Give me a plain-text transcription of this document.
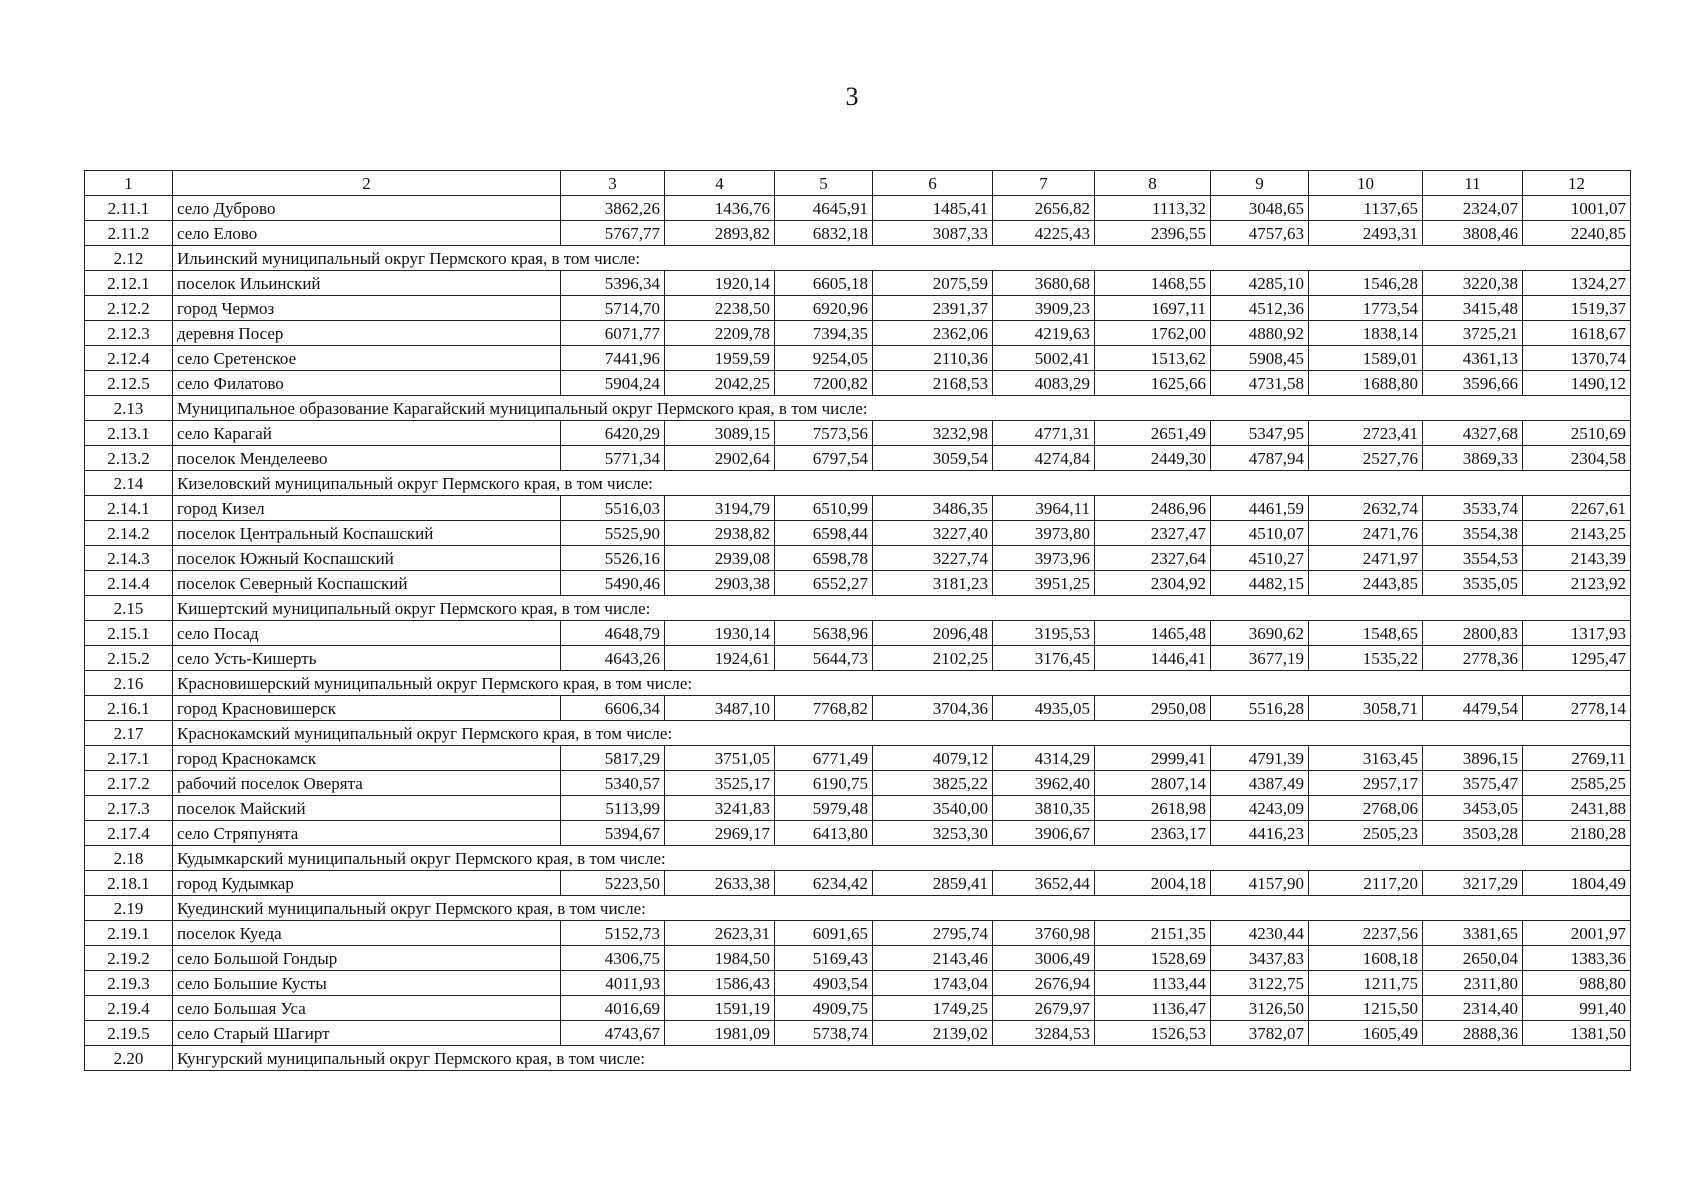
3
1	2	3	4	5	6	7	8	9	10	11	12
2.11.1	село Дуброво	3862,26	1436,76	4645,91	1485,41	2656,82	1113,32	3048,65	1137,65	2324,07	1001,07
2.11.2	село Елово	5767,77	2893,82	6832,18	3087,33	4225,43	2396,55	4757,63	2493,31	3808,46	2240,85
2.12	Ильинский муниципальный округ Пермского края, в том числе:										
2.12.1	поселок Ильинский	5396,34	1920,14	6605,18	2075,59	3680,68	1468,55	4285,10	1546,28	3220,38	1324,27
2.12.2	город Чермоз	5714,70	2238,50	6920,96	2391,37	3909,23	1697,11	4512,36	1773,54	3415,48	1519,37
2.12.3	деревня Посер	6071,77	2209,78	7394,35	2362,06	4219,63	1762,00	4880,92	1838,14	3725,21	1618,67
2.12.4	село Сретенское	7441,96	1959,59	9254,05	2110,36	5002,41	1513,62	5908,45	1589,01	4361,13	1370,74
2.12.5	село Филатово	5904,24	2042,25	7200,82	2168,53	4083,29	1625,66	4731,58	1688,80	3596,66	1490,12
2.13	Муниципальное образование Карагайский муниципальный округ Пермского края, в том числе:										
2.13.1	село Карагай	6420,29	3089,15	7573,56	3232,98	4771,31	2651,49	5347,95	2723,41	4327,68	2510,69
2.13.2	поселок Менделеево	5771,34	2902,64	6797,54	3059,54	4274,84	2449,30	4787,94	2527,76	3869,33	2304,58
2.14	Кизеловский муниципальный округ Пермского края, в том числе:										
2.14.1	город Кизел	5516,03	3194,79	6510,99	3486,35	3964,11	2486,96	4461,59	2632,74	3533,74	2267,61
2.14.2	поселок Центральный Коспашский	5525,90	2938,82	6598,44	3227,40	3973,80	2327,47	4510,07	2471,76	3554,38	2143,25
2.14.3	поселок Южный Коспашский	5526,16	2939,08	6598,78	3227,74	3973,96	2327,64	4510,27	2471,97	3554,53	2143,39
2.14.4	поселок Северный Коспашский	5490,46	2903,38	6552,27	3181,23	3951,25	2304,92	4482,15	2443,85	3535,05	2123,92
2.15	Кишертский муниципальный округ Пермского края, в том числе:										
2.15.1	село Посад	4648,79	1930,14	5638,96	2096,48	3195,53	1465,48	3690,62	1548,65	2800,83	1317,93
2.15.2	село Усть-Кишерть	4643,26	1924,61	5644,73	2102,25	3176,45	1446,41	3677,19	1535,22	2778,36	1295,47
2.16	Красновишерский муниципальный округ Пермского края, в том числе:										
2.16.1	город Красновишерск	6606,34	3487,10	7768,82	3704,36	4935,05	2950,08	5516,28	3058,71	4479,54	2778,14
2.17	Краснокамский муниципальный округ Пермского края, в том числе:										
2.17.1	город Краснокамск	5817,29	3751,05	6771,49	4079,12	4314,29	2999,41	4791,39	3163,45	3896,15	2769,11
2.17.2	рабочий поселок Оверята	5340,57	3525,17	6190,75	3825,22	3962,40	2807,14	4387,49	2957,17	3575,47	2585,25
2.17.3	поселок Майский	5113,99	3241,83	5979,48	3540,00	3810,35	2618,98	4243,09	2768,06	3453,05	2431,88
2.17.4	село Стряпунята	5394,67	2969,17	6413,80	3253,30	3906,67	2363,17	4416,23	2505,23	3503,28	2180,28
2.18	Кудымкарский муниципальный округ Пермского края, в том числе:										
2.18.1	город Кудымкар	5223,50	2633,38	6234,42	2859,41	3652,44	2004,18	4157,90	2117,20	3217,29	1804,49
2.19	Куединский муниципальный округ Пермского края, в том числе:										
2.19.1	поселок Куеда	5152,73	2623,31	6091,65	2795,74	3760,98	2151,35	4230,44	2237,56	3381,65	2001,97
2.19.2	село Большой Гондыр	4306,75	1984,50	5169,43	2143,46	3006,49	1528,69	3437,83	1608,18	2650,04	1383,36
2.19.3	село Большие Кусты	4011,93	1586,43	4903,54	1743,04	2676,94	1133,44	3122,75	1211,75	2311,80	988,80
2.19.4	село Большая Уса	4016,69	1591,19	4909,75	1749,25	2679,97	1136,47	3126,50	1215,50	2314,40	991,40
2.19.5	село Старый Шагирт	4743,67	1981,09	5738,74	2139,02	3284,53	1526,53	3782,07	1605,49	2888,36	1381,50
2.20	Кунгурский муниципальный округ Пермского края, в том числе:										
